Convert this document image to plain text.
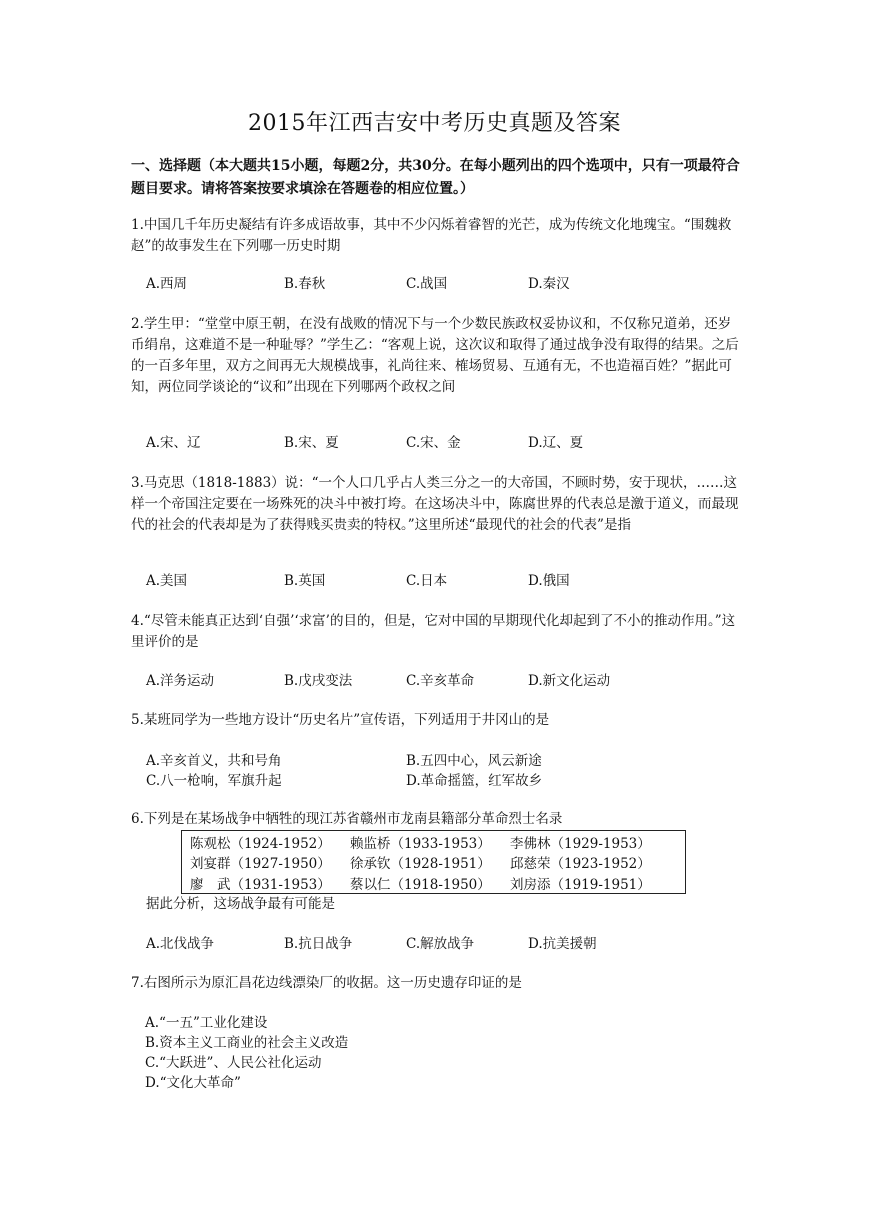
2015年江西吉安中考历史真题及答案
一、选择题（本大题共15小题，每题2分，共30分。在每小题列出的四个选项中，只有一项最符合题目要求。请将答案按要求填涂在答题卷的相应位置。）
1.中国几千年历史凝结有许多成语故事，其中不少闪烁着睿智的光芒，成为传统文化地瑰宝。“围魏救赵”的故事发生在下列哪一历史时期
A.西周	B.春秋	C.战国	D.秦汉
2.学生甲：“堂堂中原王朝，在没有战败的情况下与一个少数民族政权妥协议和，不仅称兄道弟，还岁币绢帛，这难道不是一种耻辱？”学生乙：“客观上说，这次议和取得了通过战争没有取得的结果。之后的一百多年里，双方之间再无大规模战事，礼尚往来、榷场贸易、互通有无，不也造福百姓？”据此可知，两位同学谈论的“议和”出现在下列哪两个政权之间
A.宋、辽	B.宋、夏	C.宋、金	D.辽、夏
3.马克思（1818-1883）说：“一个人口几乎占人类三分之一的大帝国，不顾时势，安于现状，……这样一个帝国注定要在一场殊死的决斗中被打垮。在这场决斗中，陈腐世界的代表总是激于道义，而最现代的社会的代表却是为了获得贱买贵卖的特权。”这里所述“最现代的社会的代表”是指
A.美国	B.英国	C.日本	D.俄国
4.“尽管未能真正达到‘自强’‘求富’的目的，但是，它对中国的早期现代化却起到了不小的推动作用。”这里评价的是
A.洋务运动	B.戊戌变法	C.辛亥革命	D.新文化运动
5.某班同学为一些地方设计“历史名片”宣传语，下列适用于井冈山的是
A.辛亥首义，共和号角	B.五四中心，风云新途
C.八一枪响，军旗升起	D.革命摇篮，红军故乡
6.下列是在某场战争中牺牲的现江苏省赣州市龙南县籍部分革命烈士名录
陈观松（1924-1952） 赖监桥（1933-1953） 李佛林（1929-1953）
刘宴群（1927-1950） 徐承钦（1928-1951） 邱慈荣（1923-1952）
廖　武（1931-1953） 蔡以仁（1918-1950） 刘房添（1919-1951）
据此分析，这场战争最有可能是
A.北伐战争	B.抗日战争	C.解放战争	D.抗美援朝
7.右图所示为原汇昌花边线漂染厂的收据。这一历史遗存印证的是
A.“一五”工业化建设
B.资本主义工商业的社会主义改造
C.“大跃进”、人民公社化运动
D.“文化大革命”
